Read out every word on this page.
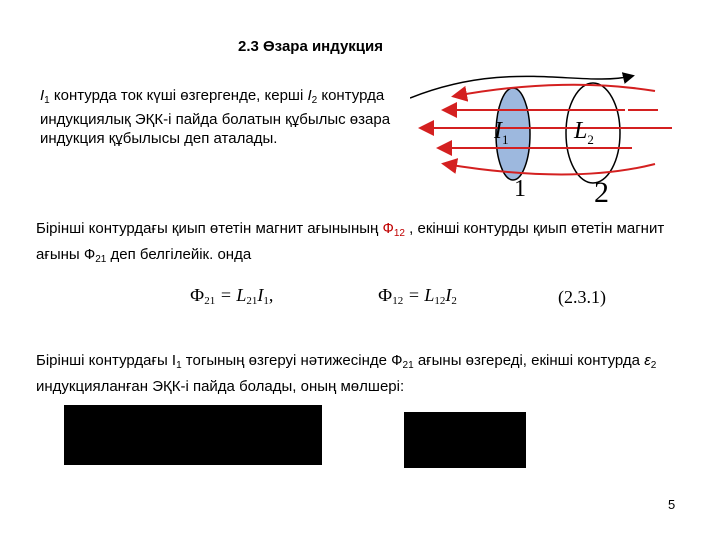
2.3 Өзара индукция
$I_1$ контурда ток күші өзгергенде, керші $I_2$ контурда индукциялық ЭҚК-і пайда болатын құбылыс өзара индукция құбылысы деп аталады.	$I_1$	$L_2$
1 2
Бірінші контурдағы қиып өтетін магнит ағынының $Ф_{12}$ , екінші контурды қиып өтетін магнит ағыны $Ф_{21}$ деп белгілейік. онда
$Ф_{21} = L_{21}I_1$,	$Ф_{12} = L_{12}I_2$	(2.3.1)
Бірінші контурдағы $I_1$ тогының өзгеруі нәтижесінде $Ф_{21}$ ағыны өзгереді, екінші контурда $\varepsilon_2$ индукцияланған ЭҚК-і пайда болады, оның мөлшері:
5
